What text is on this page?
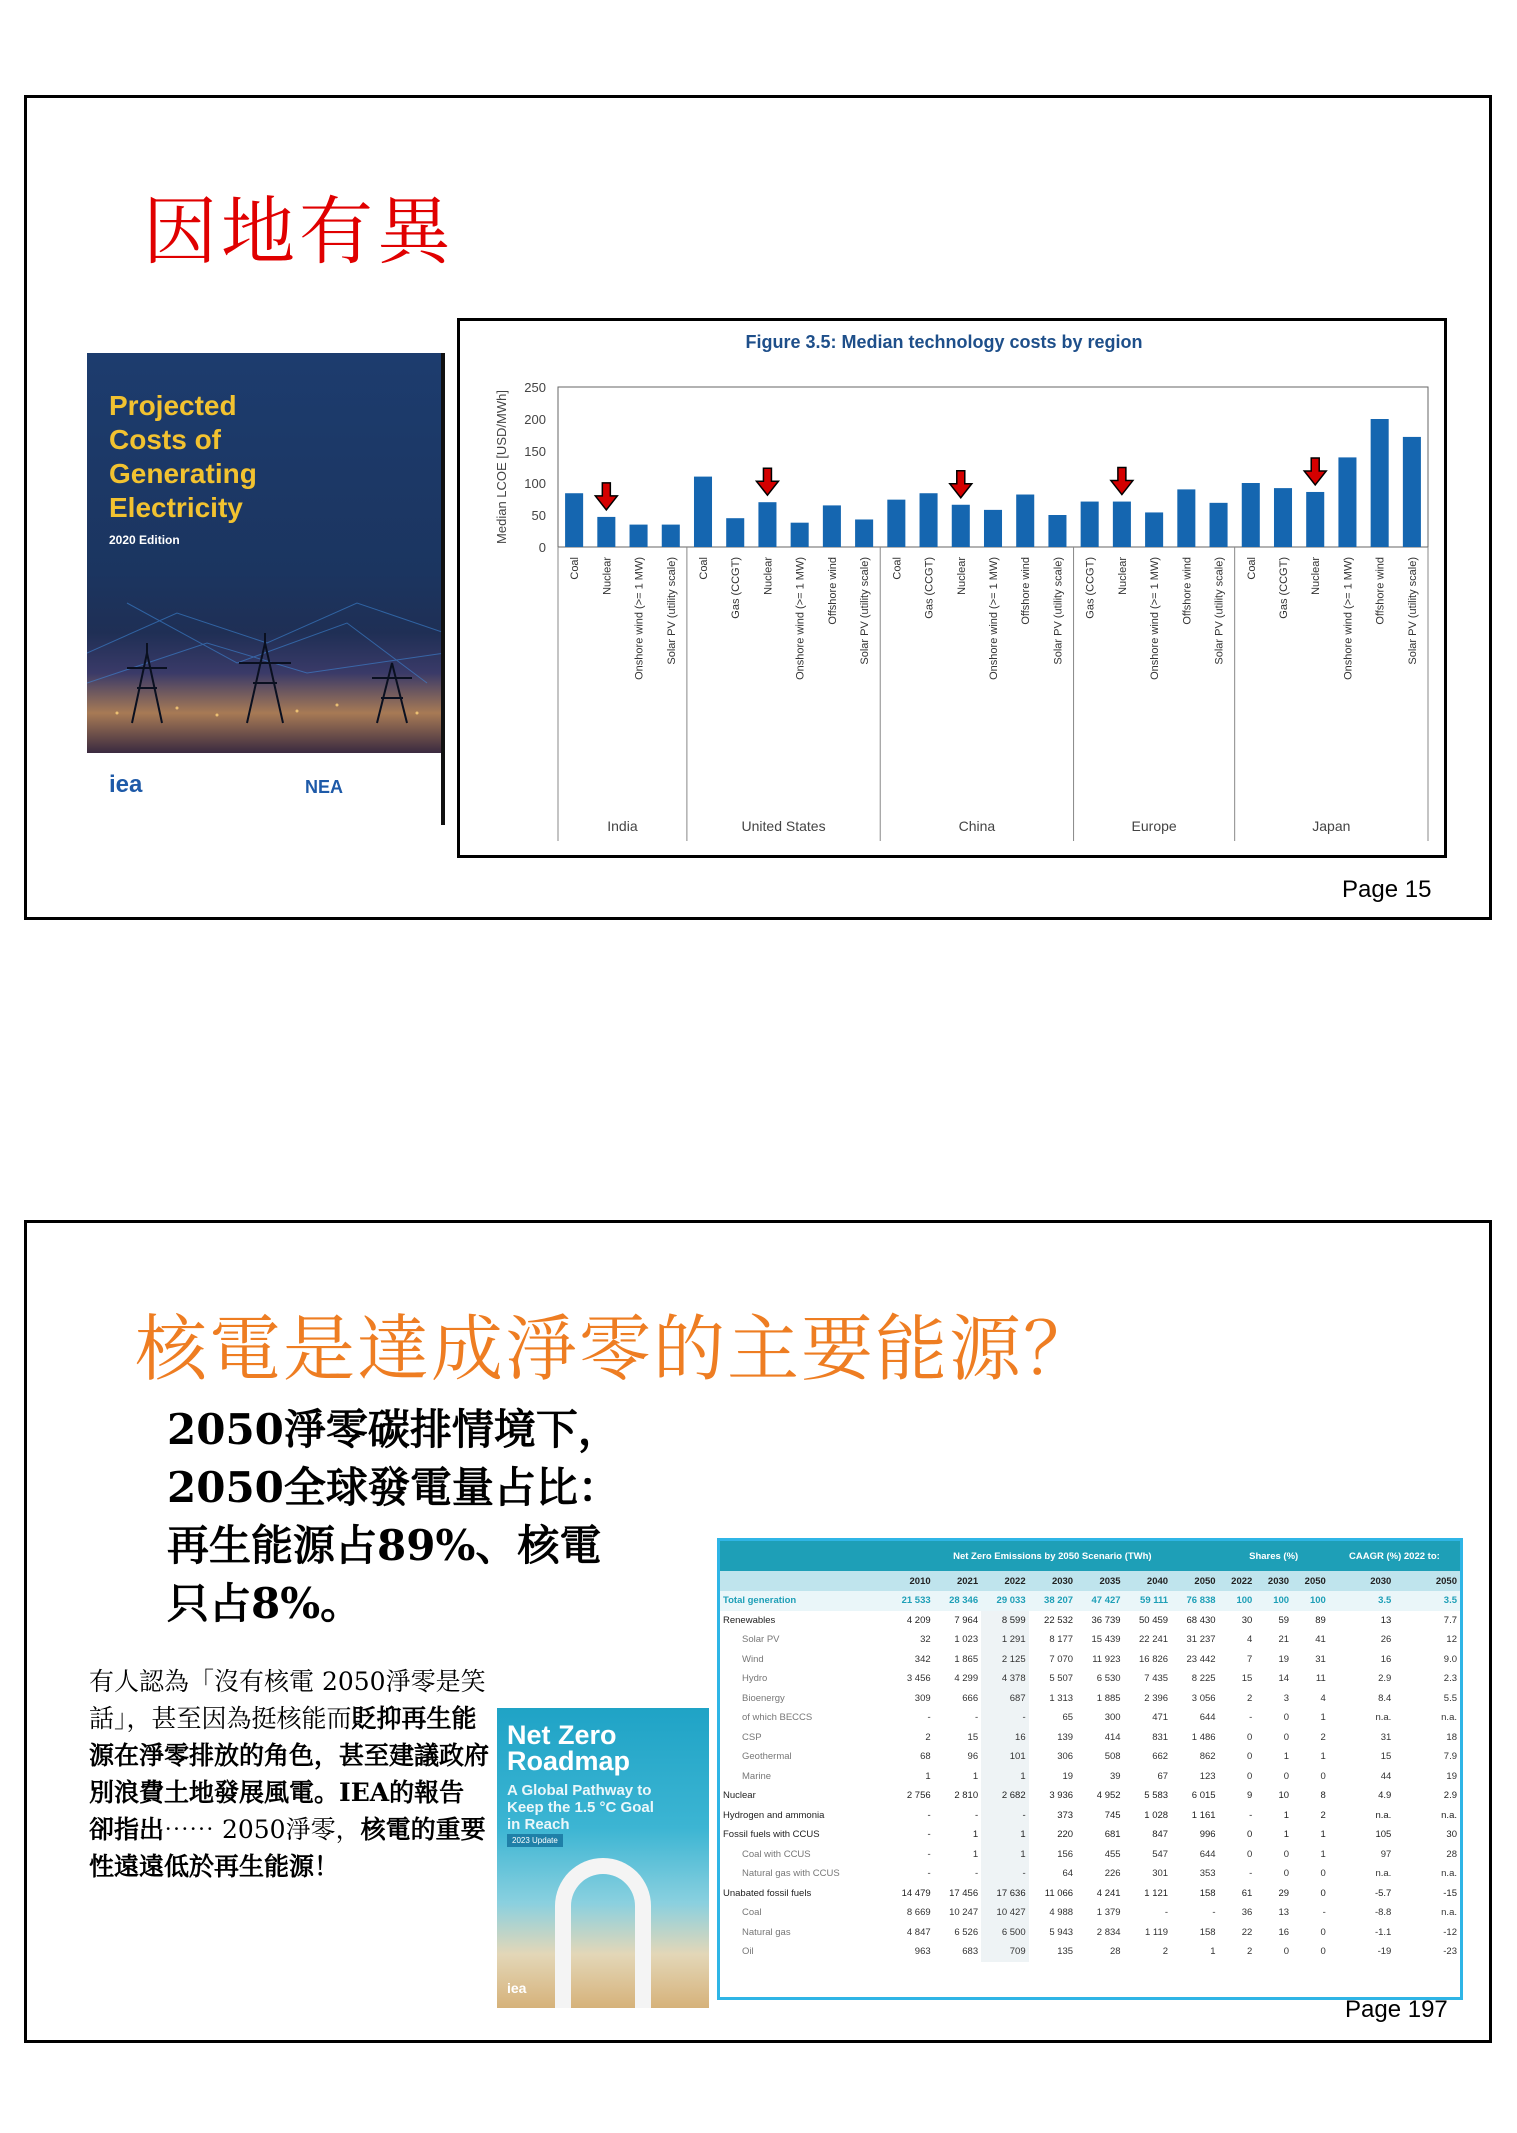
因地有異
Projected
Costs of
Generating
Electricity
2020 Edition
iea	NEA
Figure 3.5: Median technology costs by region
Median LCOE [USD/MWh]
250
200
150
100
50
0
Coal Nuclear Onshore wind (>= 1 MW) Solar PV (utility scale)
India
Coal Gas (CCGT) Nuclear Onshore wind (>= 1 MW) Offshore wind Solar PV (utility scale)
United States
Coal Gas (CCGT) Nuclear Onshore wind (>= 1 MW) Offshore wind Solar PV (utility scale)
China
Gas (CCGT) Nuclear Onshore wind (>= 1 MW) Offshore wind Solar PV (utility scale)
Europe
Coal Gas (CCGT) Nuclear Onshore wind (>= 1 MW) Offshore wind Solar PV (utility scale)
Japan
Page 15
核電是達成淨零的主要能源？
2050淨零碳排情境下，
2050全球發電量占比：
再生能源占89%、核電
只占8%。
有人認為「沒有核電 2050淨零是笑話」，甚至因為挺核能而貶抑再生能源在淨零排放的角色，甚至建議政府別浪費土地發展風電。IEA的報告卻指出⋯⋯ 2050淨零，核電的重要性遠遠低於再生能源！
Net Zero
Roadmap
A Global Pathway to
Keep the 1.5 °C Goal
in Reach
2023 Update
iea
	Net Zero Emissions by 2050 Scenario (TWh)							Shares (%)			CAAGR (%) 2022 to:	
	2010	2021	2022	2030	2035	2040	2050	2022	2030	2050	2030	2050
Total generation	21 533	28 346	29 033	38 207	47 427	59 111	76 838	100	100	100	3.5	3.5
Renewables	4 209	7 964	8 599	22 532	36 739	50 459	68 430	30	59	89	13	7.7
Solar PV	32	1 023	1 291	8 177	15 439	22 241	31 237	4	21	41	26	12
Wind	342	1 865	2 125	7 070	11 923	16 826	23 442	7	19	31	16	9.0
Hydro	3 456	4 299	4 378	5 507	6 530	7 435	8 225	15	14	11	2.9	2.3
Bioenergy	309	666	687	1 313	1 885	2 396	3 056	2	3	4	8.4	5.5
of which BECCS	-	-	-	65	300	471	644	-	0	1	n.a.	n.a.
CSP	2	15	16	139	414	831	1 486	0	0	2	31	18
Geothermal	68	96	101	306	508	662	862	0	1	1	15	7.9
Marine	1	1	1	19	39	67	123	0	0	0	44	19
Nuclear	2 756	2 810	2 682	3 936	4 952	5 583	6 015	9	10	8	4.9	2.9
Hydrogen and ammonia	-	-	-	373	745	1 028	1 161	-	1	2	n.a.	n.a.
Fossil fuels with CCUS	-	1	1	220	681	847	996	0	1	1	105	30
Coal with CCUS	-	1	1	156	455	547	644	0	0	1	97	28
Natural gas with CCUS	-	-	-	64	226	301	353	-	0	0	n.a.	n.a.
Unabated fossil fuels	14 479	17 456	17 636	11 066	4 241	1 121	158	61	29	0	-5.7	-15
Coal	8 669	10 247	10 427	4 988	1 379	-	-	36	13	-	-8.8	n.a.
Natural gas	4 847	6 526	6 500	5 943	2 834	1 119	158	22	16	0	-1.1	-12
Oil	963	683	709	135	28	2	1	2	0	0	-19	-23
Page 197
